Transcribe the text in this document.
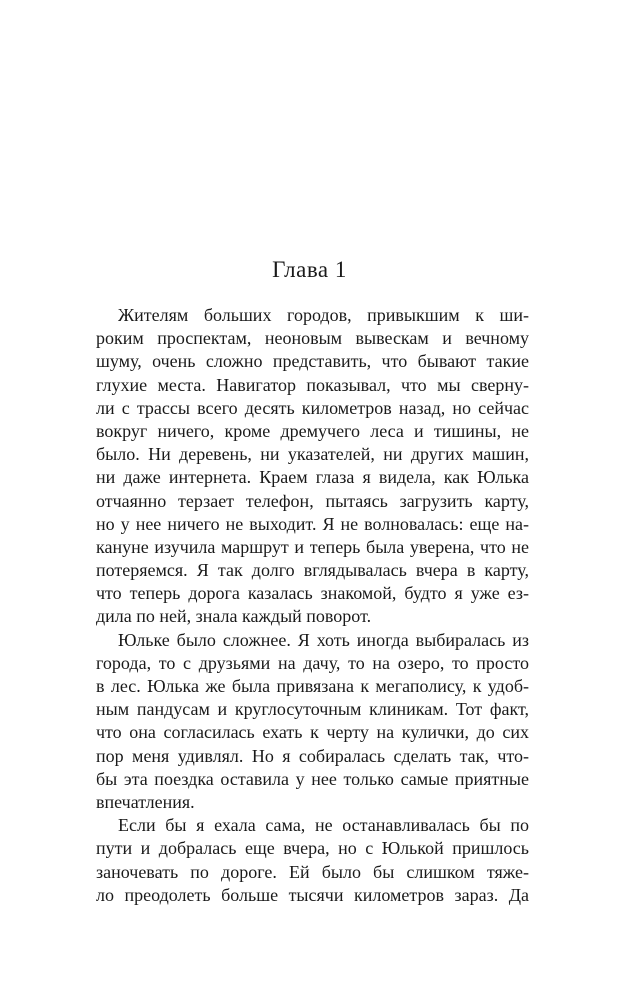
Глава 1
Жителям больших городов, привыкшим к ши-
роким проспектам, неоновым вывескам и вечному
шуму, очень сложно представить, что бывают такие
глухие места. Навигатор показывал, что мы сверну-
ли с трассы всего десять километров назад, но сейчас
вокруг ничего, кроме дремучего леса и тишины, не
было. Ни деревень, ни указателей, ни других машин,
ни даже интернета. Краем глаза я видела, как Юлька
отчаянно терзает телефон, пытаясь загрузить карту,
но у нее ничего не выходит. Я не волновалась: еще на-
кануне изучила маршрут и теперь была уверена, что не
потеряемся. Я так долго вглядывалась вчера в карту,
что теперь дорога казалась знакомой, будто я уже ез-
дила по ней, знала каждый поворот.
Юльке было сложнее. Я хоть иногда выбиралась из
города, то с друзьями на дачу, то на озеро, то просто
в лес. Юлька же была привязана к мегаполису, к удоб-
ным пандусам и круглосуточным клиникам. Тот факт,
что она согласилась ехать к черту на кулички, до сих
пор меня удивлял. Но я собиралась сделать так, что-
бы эта поездка оставила у нее только самые приятные
впечатления.
Если бы я ехала сама, не останавливалась бы по
пути и добралась еще вчера, но с Юлькой пришлось
заночевать по дороге. Ей было бы слишком тяже-
ло преодолеть больше тысячи километров зараз. Да
